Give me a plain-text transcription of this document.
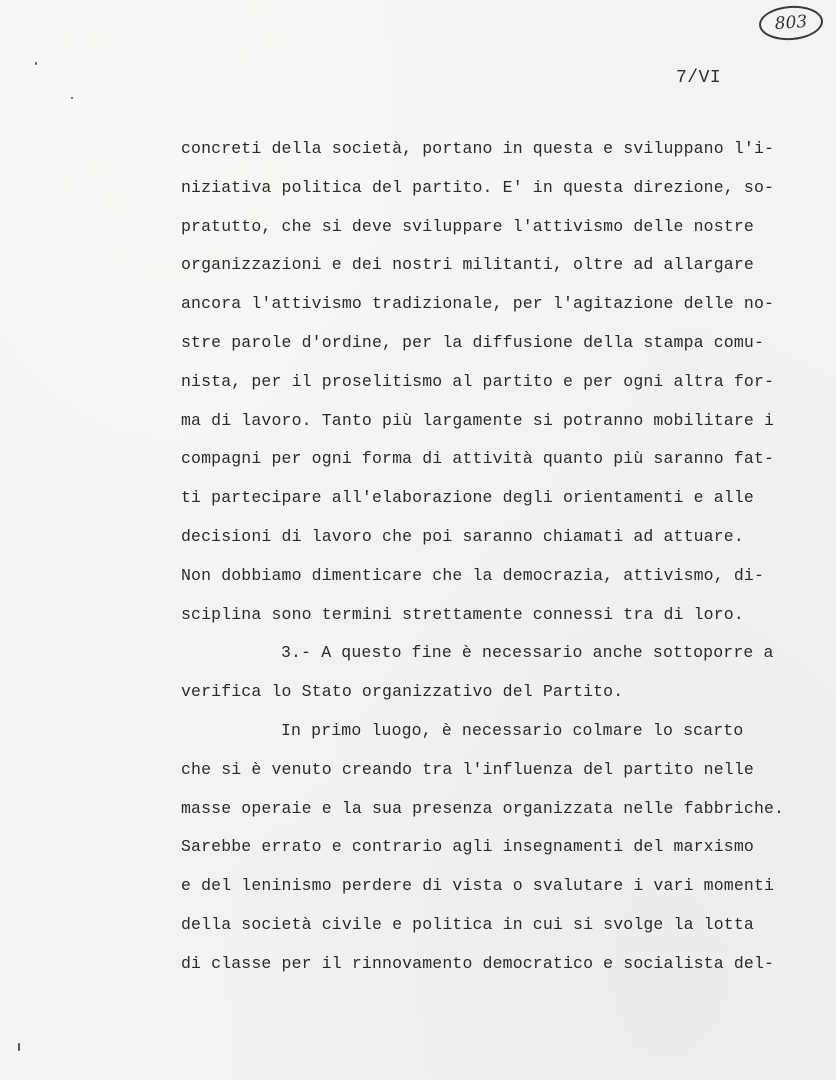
803
7/VI
concreti della società, portano in questa e sviluppano l'i-
niziativa politica del partito. E' in questa direzione, so-
pratutto, che si deve sviluppare l'attivismo delle nostre
organizzazioni e dei nostri militanti, oltre ad allargare
ancora l'attivismo tradizionale, per l'agitazione delle no-
stre parole d'ordine, per la diffusione della stampa comu-
nista, per il proselitismo al partito e per ogni altra for-
ma di lavoro. Tanto più largamente si potranno mobilitare i
compagni per ogni forma di attività quanto più saranno fat-
ti partecipare all'elaborazione degli orientamenti e alle
decisioni di lavoro che poi saranno chiamati ad attuare.
Non dobbiamo dimenticare che la democrazia, attivismo, di-
sciplina sono termini strettamente connessi tra di loro.
3.- A questo fine è necessario anche sottoporre a
verifica lo Stato organizzativo del Partito.
In primo luogo, è necessario colmare lo scarto
che si è venuto creando tra l'influenza del partito nelle
masse operaie e la sua presenza organizzata nelle fabbriche.
Sarebbe errato e contrario agli insegnamenti del marxismo
e del leninismo perdere di vista o svalutare i vari momenti
della società civile e politica in cui si svolge la lotta
di classe per il rinnovamento democratico e socialista del-
